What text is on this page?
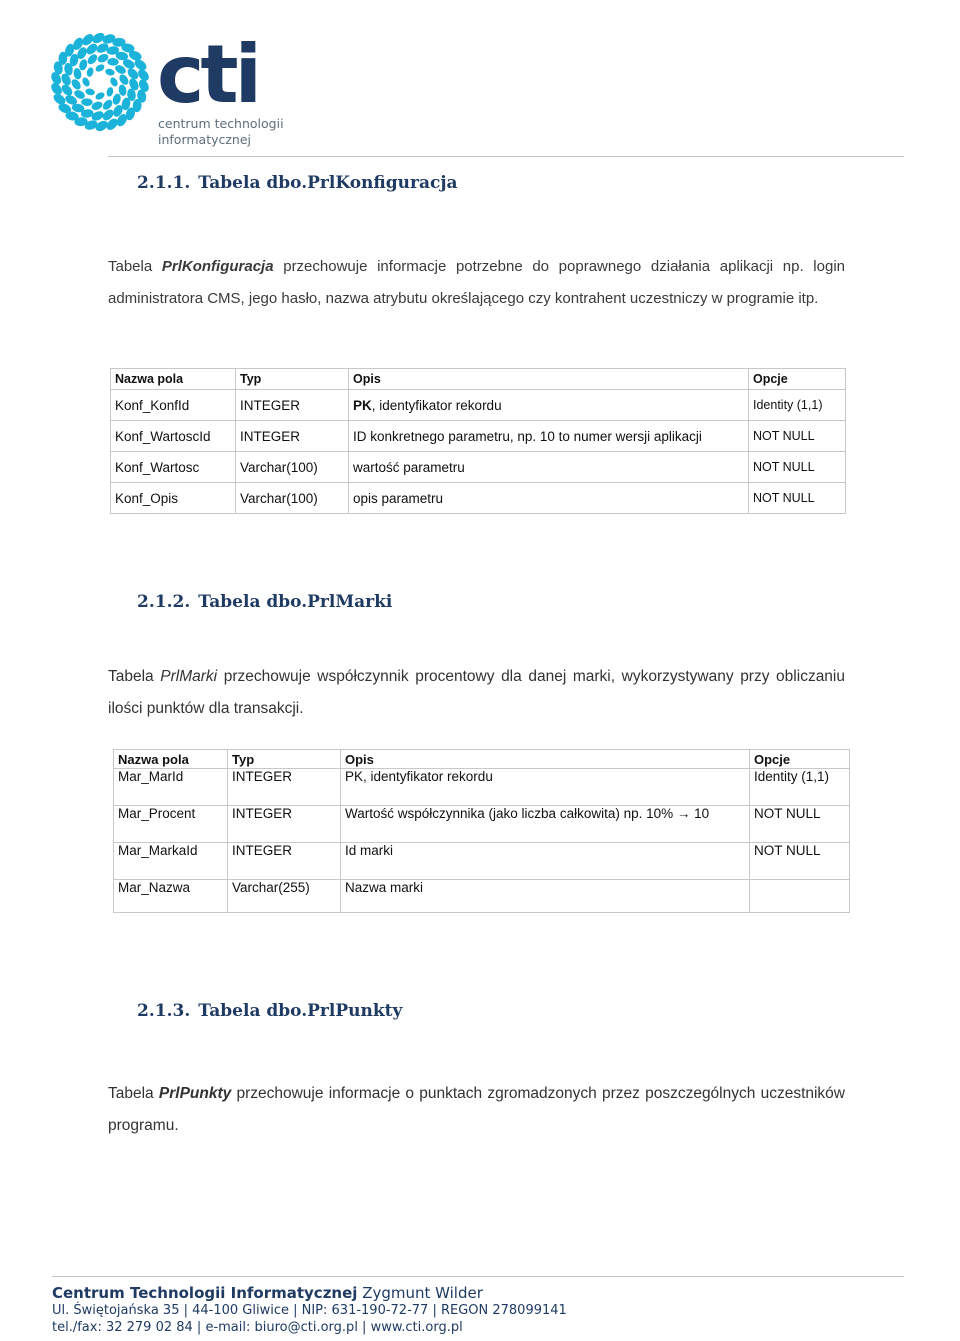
cti
centrum technologii
informatycznej
2.1.1. Tabela dbo.PrlKonfiguracja

Tabela PrlKonfiguracja przechowuje informacje potrzebne do poprawnego działania aplikacji np. login administratora CMS, jego hasło, nazwa atrybutu określającego czy kontrahent uczestniczy w programie itp.

Nazwa pola	Typ	Opis	Opcje
Konf_KonfId	INTEGER	PK, identyfikator rekordu	Identity (1,1)
Konf_WartoscId	INTEGER	ID konkretnego parametru, np. 10 to numer wersji aplikacji	NOT NULL
Konf_Wartosc	Varchar(100)	wartość parametru	NOT NULL
Konf_Opis	Varchar(100)	opis parametru	NOT NULL
2.1.2. Tabela dbo.PrlMarki

Tabela PrlMarki przechowuje współczynnik procentowy dla danej marki, wykorzystywany przy obliczaniu ilości punktów dla transakcji.

Nazwa pola	Typ	Opis	Opcje
Mar_MarId	INTEGER	PK, identyfikator rekordu	Identity (1,1)
Mar_Procent	INTEGER	Wartość współczynnika (jako liczba całkowita) np. 10% → 10	NOT NULL
Mar_MarkaId	INTEGER	Id marki	NOT NULL
Mar_Nazwa	Varchar(255)	Nazwa marki	
2.1.3. Tabela dbo.PrlPunkty

Tabela PrlPunkty przechowuje informacje o punktach zgromadzonych przez poszczególnych uczestników programu.

Centrum Technologii Informatycznej Zygmunt Wilder

Ul. Świętojańska 35 | 44-100 Gliwice | NIP: 631-190-72-77 | REGON 278099141

tel./fax: 32 279 02 84 | e-mail: biuro@cti.org.pl | www.cti.org.pl
